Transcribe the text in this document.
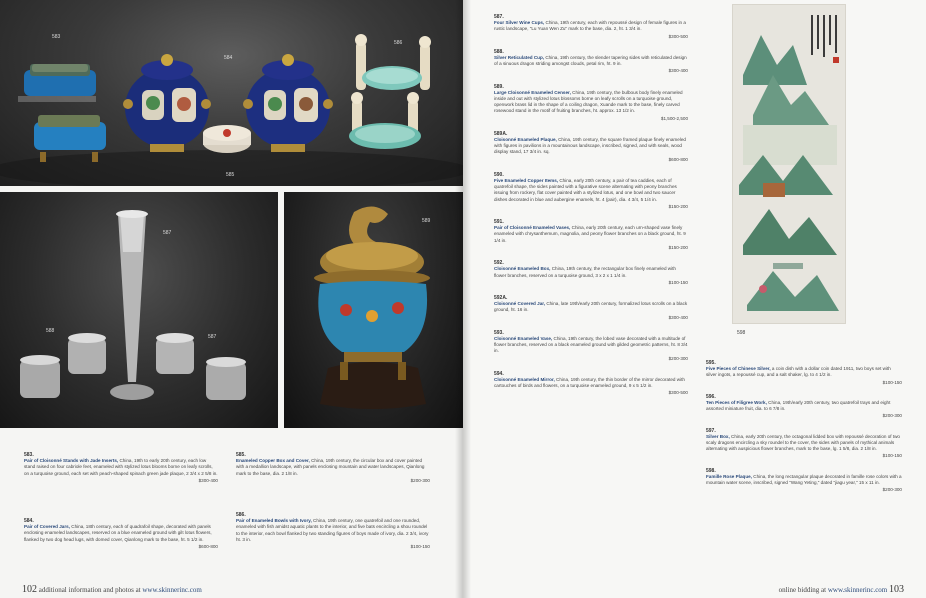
583
584
585
586
587
588
587
589
583.
Pair of Cloisonné Stands with Jade Inserts, China, 19th to early 20th century, each low stand raised on four cabriole feet, enameled with stylized lotus blooms borne on leafy scrolls, on a turquoise ground, each set with peach-shaped spinach green jade plaque, 2 3/4 x 2 5/8 in.
$300-400
584.
Pair of Covered Jars, China, 18th century, each of quadrafoil shape, decorated with panels enclosing enameled landscapes, reserved on a blue enameled ground with gilt lotus flowers, flanked by two dog head lugs, with domed cover, Qianlong mark to the base, ht. 5 1/2 in.
$600-800
585.
Enameled Copper Box and Cover, China, 19th century, the circular box and cover painted with a medallion landscape, with panels enclosing mountain and water landscapes, Qianlong mark to the base, dia. 2 1/8 in.
$200-300
586.
Pair of Enameled Bowls with Ivory, China, 19th century, one quatrefoil and one rounded, enameled with fish amidst aquatic plants to the interior, and five bats encircling a shou roundel to the interior, each bowl flanked by two standing figures of boys made of ivory, dia. 2 3/4, ivory ht. 3 in.
$100-150
102 additional information and photos at www.skinnerinc.com
587.
Four Silver Wine Cups, China, 19th century, each with repoussé design of female figures in a rustic landscape, "Lu Yuan Wen Zu" mark to the base, dia. 2, ht. 1 3/4 in.
$300-500
588.
Silver Reticulated Cup, China, 19th century, the slender tapering sides with reticulated design of a sinuous dragon striding amongst clouds, petal rim, ht. 9 in.
$300-400
589.
Large Cloisonné Enameled Censer, China, 19th century, the bulbous body finely enameled inside and out with stylized lotus blossoms borne on leafy scrolls on a turquoise ground, openwork brass lid in the shape of a coiling dragon, Xuande mark to the base, finely carved rosewood stand in the motif of fruiting branches, ht. approx. 13 1/2 in.
$1,500-2,500
589A.
Cloisonné Enameled Plaque, China, 19th century, the square framed plaque finely enameled with figures in pavilions in a mountainous landscape, inscribed, signed, and with seals, wood display stand, 17 3/4 in. sq.
$600-800
590.
Five Enameled Copper Items, China, early 20th century, a pair of tea caddies, each of quatrefoil shape, the sides painted with a figurative scene alternating with peony branches issuing from rockery, flat cover painted with a stylized lotus, and one bowl and two saucer dishes decorated in blue and aubergine enamels, ht. 4 (pair), dia. 4 3/4, 5 1/4 in.
$150-200
591.
Pair of Cloisonné Enameled Vases, China, early 20th century, each urn-shaped vase finely enameled with chrysanthemum, magnolia, and peony flower branches on a black ground, ht. 9 1/4 in.
$150-200
592.
Cloisonné Enameled Box, China, 19th century, the rectangular box finely enameled with flower branches, reserved on a turquoise ground, 3 x 2 x 1 1/4 in.
$100-150
592A.
Cloisonné Covered Jar, China, late 19th/early 20th century, formalized lotus scrolls on a black ground, ht. 16 in.
$300-400
593.
Cloisonné Enameled Vase, China, 19th century, the lobed vase decorated with a multitude of flower branches, reserved on a black enameled ground with gilded geometric patterns, ht. 8 3/4 in.
$200-300
594.
Cloisonné Enameled Mirror, China, 19th century, the thin border of the mirror decorated with cartouches of birds and flowers, on a turquoise enameled ground, 9 x 5 1/2 in.
$300-500
595.
Five Pieces of Chinese Silver, a coin dish with a dollar coin dated 1911, two boys set with silver ingots, a repoussé cup, and a salt shaker, lg. to 4 1/2 in.
$100-150
596.
Ten Pieces of Filigree Work, China, 19th/early 20th century, two quatrefoil trays and eight assorted miniature fruit, dia. to 6 7/8 in.
$200-300
597.
Silver Box, China, early 20th century, the octagonal lidded box with repoussé decoration of two scaly dragons encircling a sky roundel to the cover, the sides with panels of mythical animals alternating with auspicious flower branches, mark to the base, lg. 1 5/8, dia. 2 1/8 in.
$100-150
598.
Famille Rose Plaque, China, the long rectangular plaque decorated in famille rose colors with a mountain water scene, inscribed, signed "Wang Yeting," dated "jiagu year," 15 x 11 in.
$200-300
online bidding at www.skinnerinc.com 103
598
